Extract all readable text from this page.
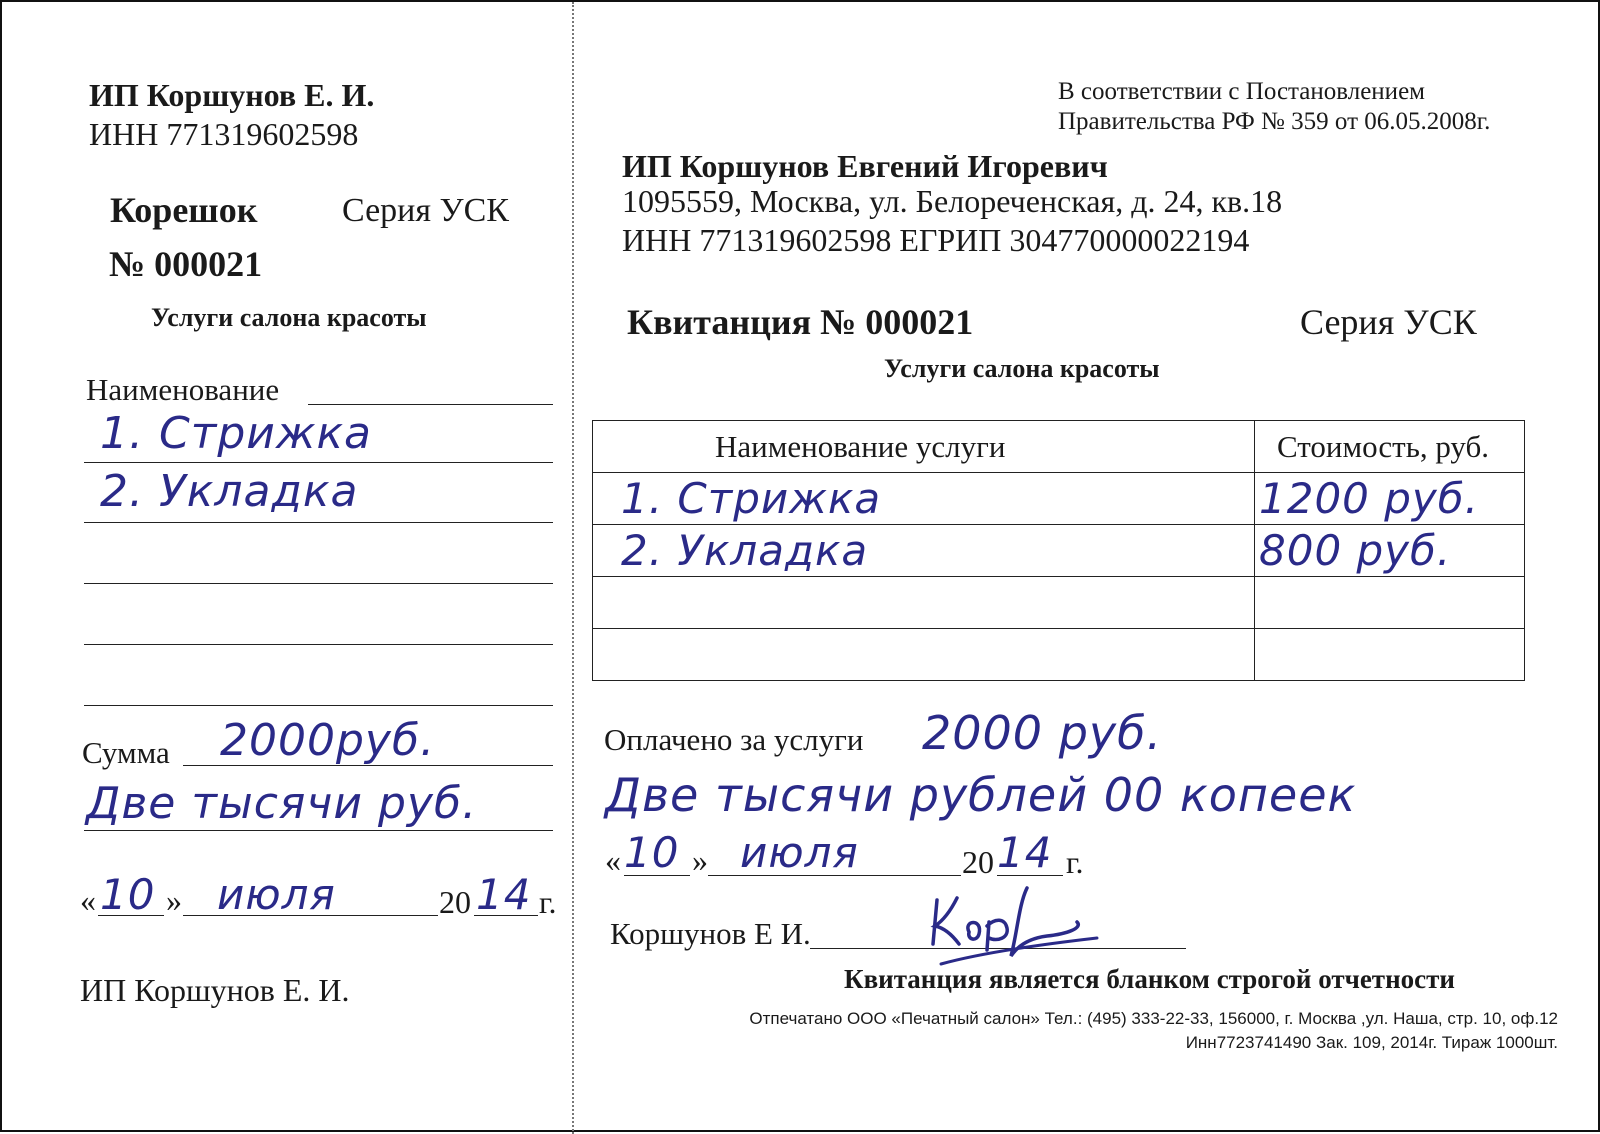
ИП Коршунов Е. И.
ИНН 771319602598
Корешок Серия УСК
№ 000021
Услуги салона красоты
Наименование
1. Стрижка
2. Укладка
Сумма 2000руб.
Две тысячи руб.
« 10 » июля	20 14 г.
ИП Коршунов Е. И.
В соответствии с Постановлением
Правительства РФ № 359 от 06.05.2008г.
ИП Коршунов Евгений Игоревич
1095559, Москва, ул. Белореченская, д. 24, кв.18
ИНН 771319602598 ЕГРИП 304770000022194
Квитанция № 000021	Серия УСК
Услуги салона красоты
Наименование услуги	Стоимость, руб.
1. Стрижка	1200 руб.
2. Укладка	800 руб.

Оплачено за услуги 2000 руб.
Две тысячи рублей 00 копеек
« 10 » июля	20 14 г.
Коршунов Е И.
Квитанция является бланком строгой отчетности
Отпечатано ООО «Печатный салон» Тел.: (495) 333-22-33, 156000, г. Москва ,ул. Наша, стр. 10, оф.12
Инн7723741490 Зак. 109, 2014г. Тираж 1000шт.
